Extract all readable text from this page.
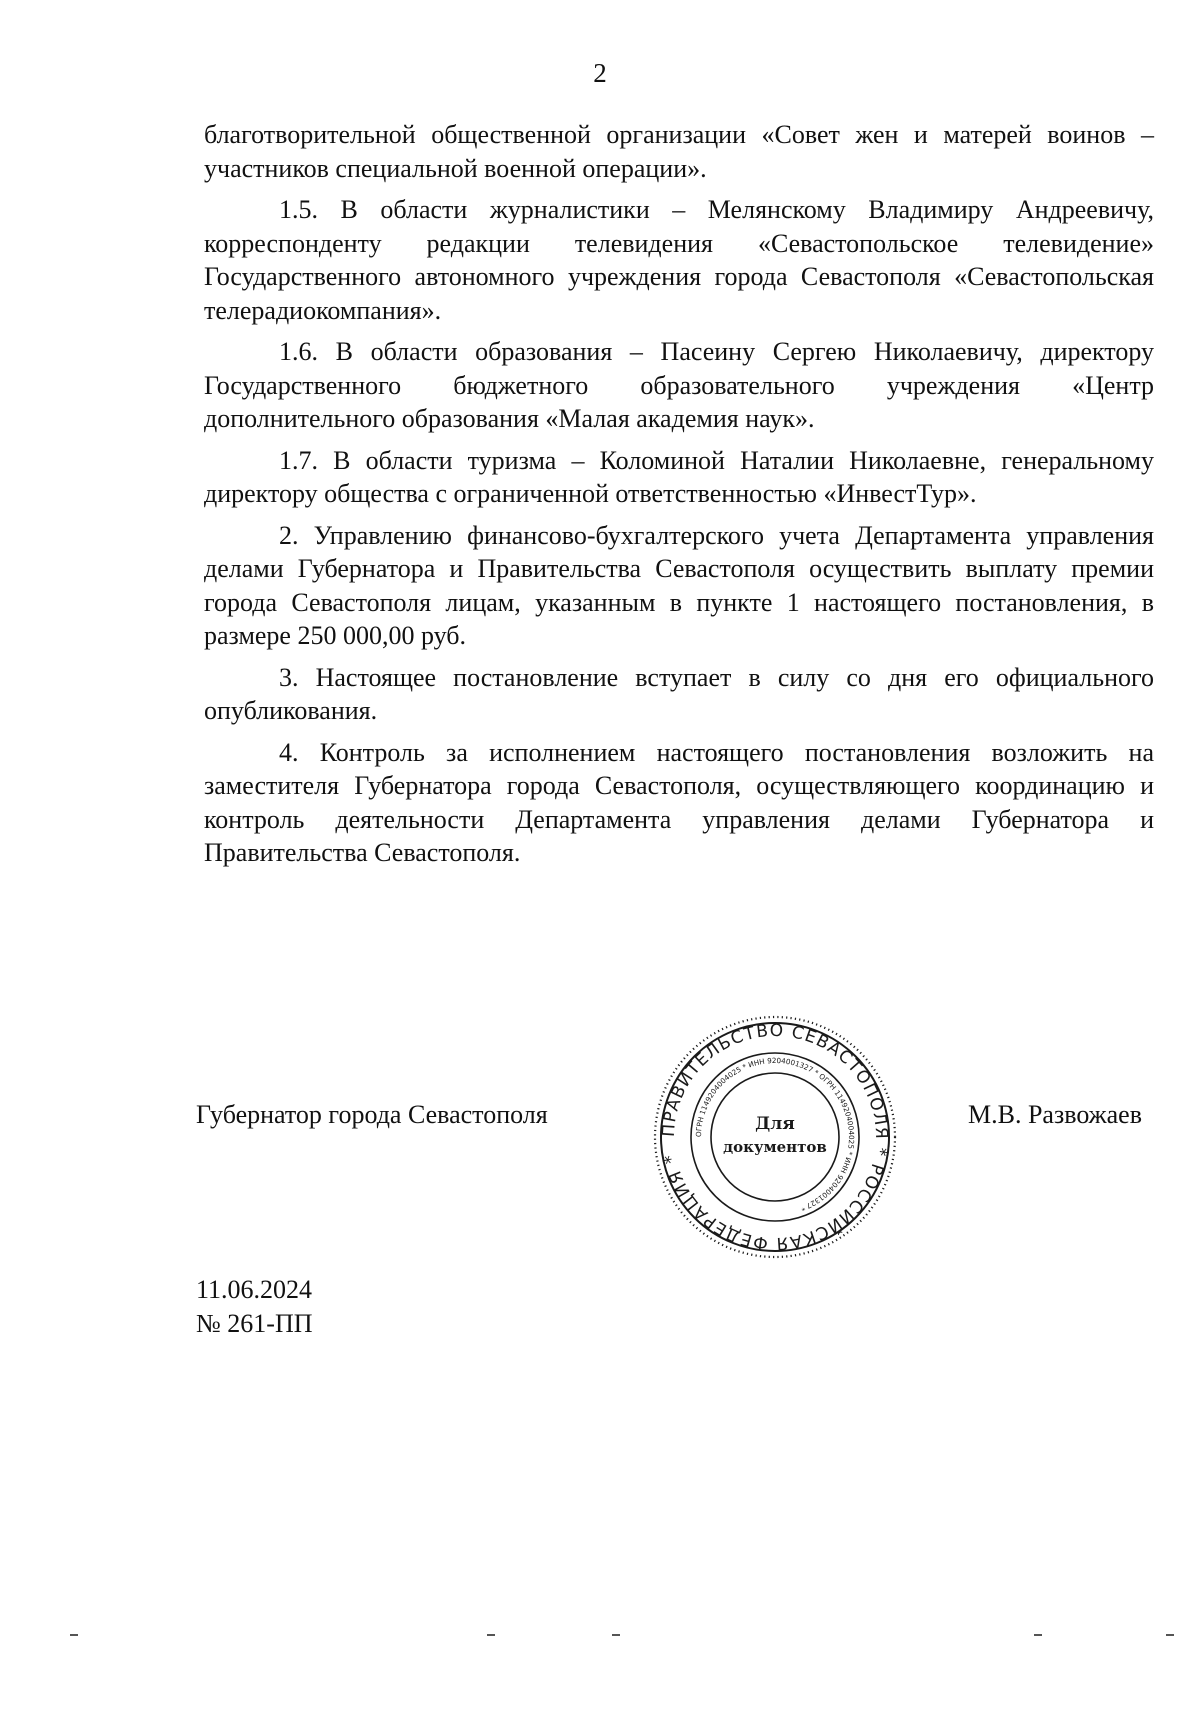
2

благотворительной общественной организации «Совет жен и матерей воинов – участников специальной военной операции».

1.5. В области журналистики – Мелянскому Владимиру Андреевичу, корреспонденту редакции телевидения «Севастопольское телевидение» Государственного автономного учреждения города Севастополя «Севастопольская телерадиокомпания».

1.6. В области образования – Пасеину Сергею Николаевичу, директору Государственного бюджетного образовательного учреждения «Центр дополнительного образования «Малая академия наук».

1.7. В области туризма – Коломиной Наталии Николаевне, генеральному директору общества с ограниченной ответственностью «ИнвестТур».

2. Управлению финансово-бухгалтерского учета Департамента управления делами Губернатора и Правительства Севастополя осуществить выплату премии города Севастополя лицам, указанным в пункте 1 настоящего постановления, в размере 250 000,00 руб.

3. Настоящее постановление вступает в силу со дня его официального опубликования.

4. Контроль за исполнением настоящего постановления возложить на заместителя Губернатора города Севастополя, осуществляющего координацию и контроль деятельности Департамента управления делами Губернатора и Правительства Севастополя.

Губернатор города Севастополя	М.В. Развожаев
ПРАВИТЕЛЬСТВО СЕВАСТОПОЛЯ * РОССИЙСКАЯ ФЕДЕРАЦИЯ *
ОГРН 1149204004025 * ИНН 9204001327 * ОГРН 1149204004025 * ИНН 9204001327 *
Для
документов
11.06.2024
№ 261-ПП
